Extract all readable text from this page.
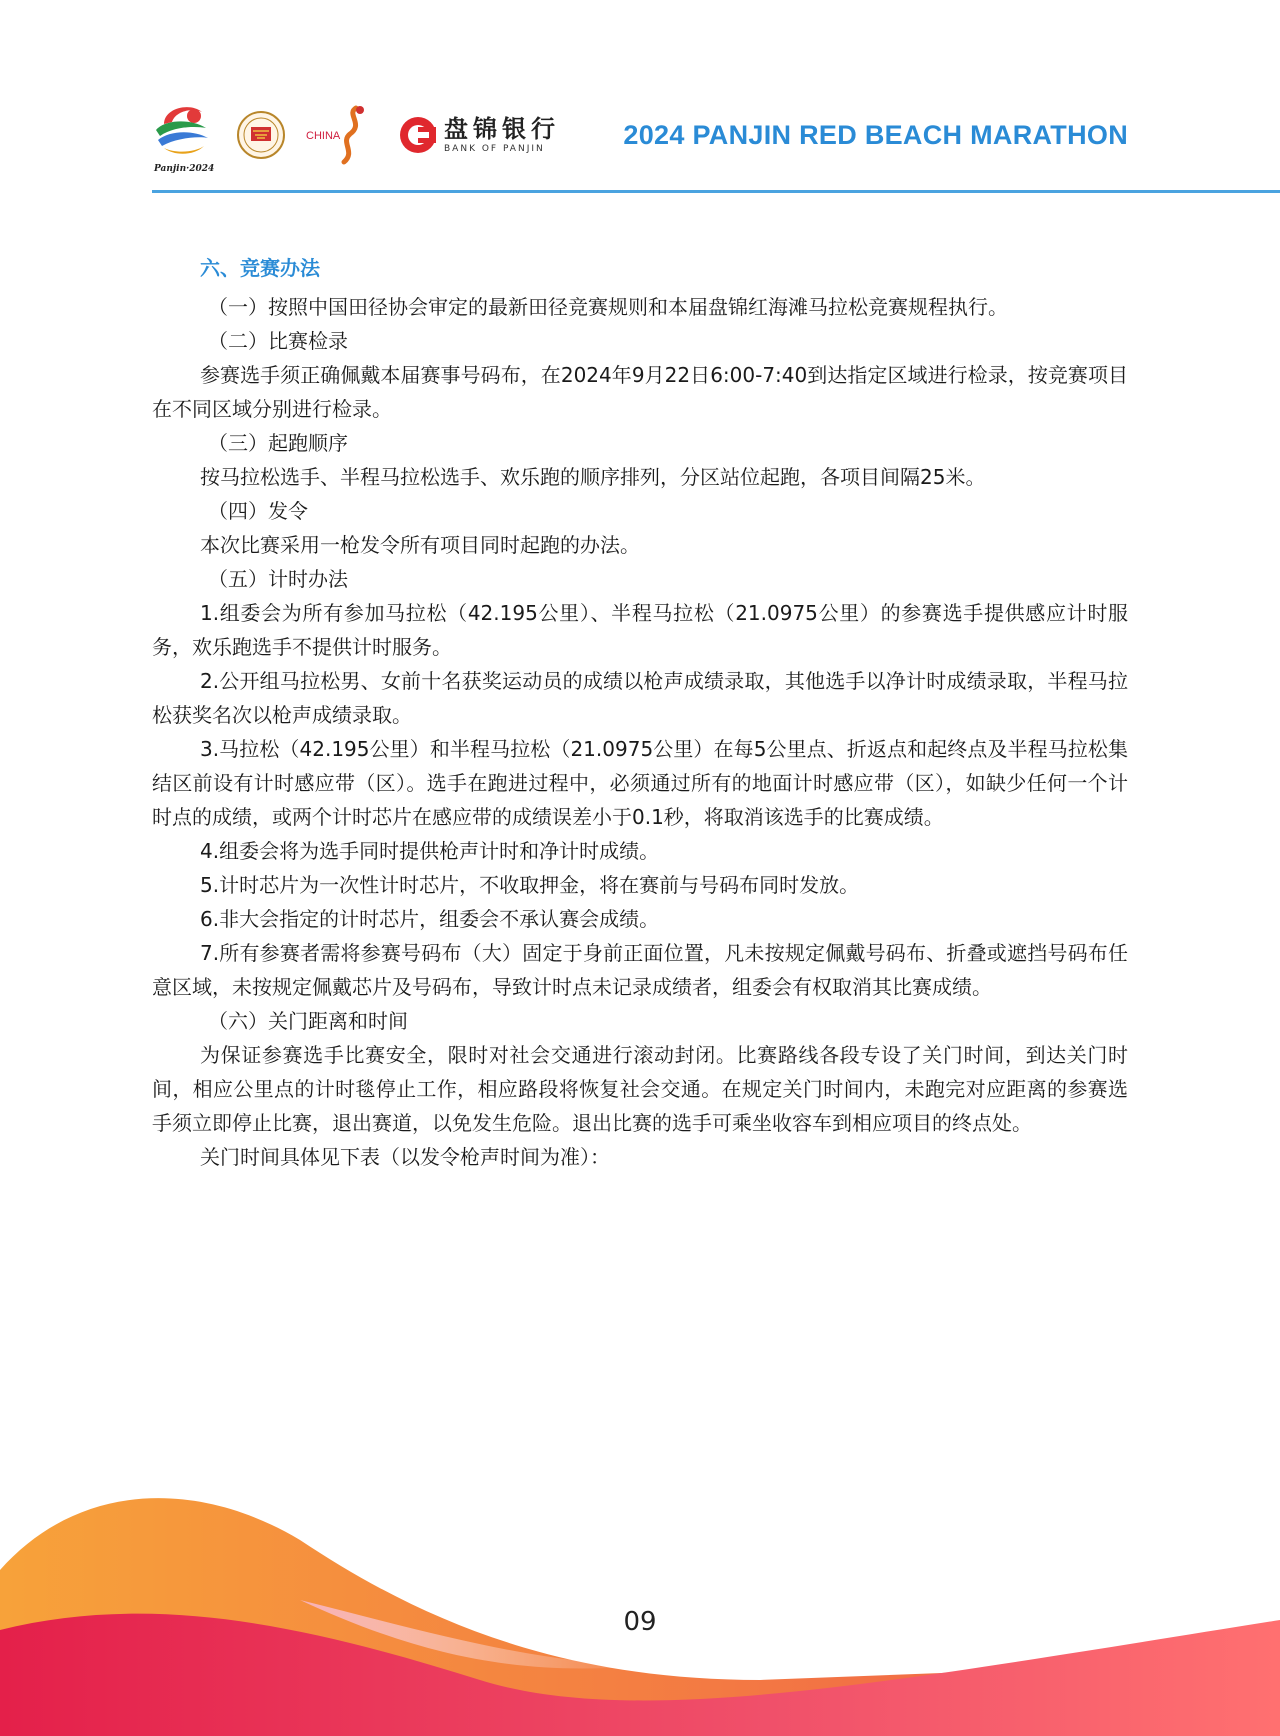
Panjin·2024
CHINA	盘锦银行
BANK OF PANJIN	2024 PANJIN RED BEACH MARATHON
六、竞赛办法

（一）按照中国田径协会审定的最新田径竞赛规则和本届盘锦红海滩马拉松竞赛规程执行。

（二）比赛检录

参赛选手须正确佩戴本届赛事号码布，在2024年9月22日6:00-7:40到达指定区域进行检录，按竞赛项目在不同区域分别进行检录。

（三）起跑顺序

按马拉松选手、半程马拉松选手、欢乐跑的顺序排列，分区站位起跑，各项目间隔25米。

（四）发令

本次比赛采用一枪发令所有项目同时起跑的办法。

（五）计时办法

1.组委会为所有参加马拉松（42.195公里）、半程马拉松（21.0975公里）的参赛选手提供感应计时服务，欢乐跑选手不提供计时服务。

2.公开组马拉松男、女前十名获奖运动员的成绩以枪声成绩录取，其他选手以净计时成绩录取，半程马拉松获奖名次以枪声成绩录取。

3.马拉松（42.195公里）和半程马拉松（21.0975公里）在每5公里点、折返点和起终点及半程马拉松集结区前设有计时感应带（区）。选手在跑进过程中，必须通过所有的地面计时感应带（区），如缺少任何一个计时点的成绩，或两个计时芯片在感应带的成绩误差小于0.1秒，将取消该选手的比赛成绩。

4.组委会将为选手同时提供枪声计时和净计时成绩。

5.计时芯片为一次性计时芯片，不收取押金，将在赛前与号码布同时发放。

6.非大会指定的计时芯片，组委会不承认赛会成绩。

7.所有参赛者需将参赛号码布（大）固定于身前正面位置，凡未按规定佩戴号码布、折叠或遮挡号码布任意区域，未按规定佩戴芯片及号码布，导致计时点未记录成绩者，组委会有权取消其比赛成绩。

（六）关门距离和时间

为保证参赛选手比赛安全，限时对社会交通进行滚动封闭。比赛路线各段专设了关门时间，到达关门时间，相应公里点的计时毯停止工作，相应路段将恢复社会交通。在规定关门时间内，未跑完对应距离的参赛选手须立即停止比赛，退出赛道，以免发生危险。退出比赛的选手可乘坐收容车到相应项目的终点处。

关门时间具体见下表（以发令枪声时间为准）：

09
